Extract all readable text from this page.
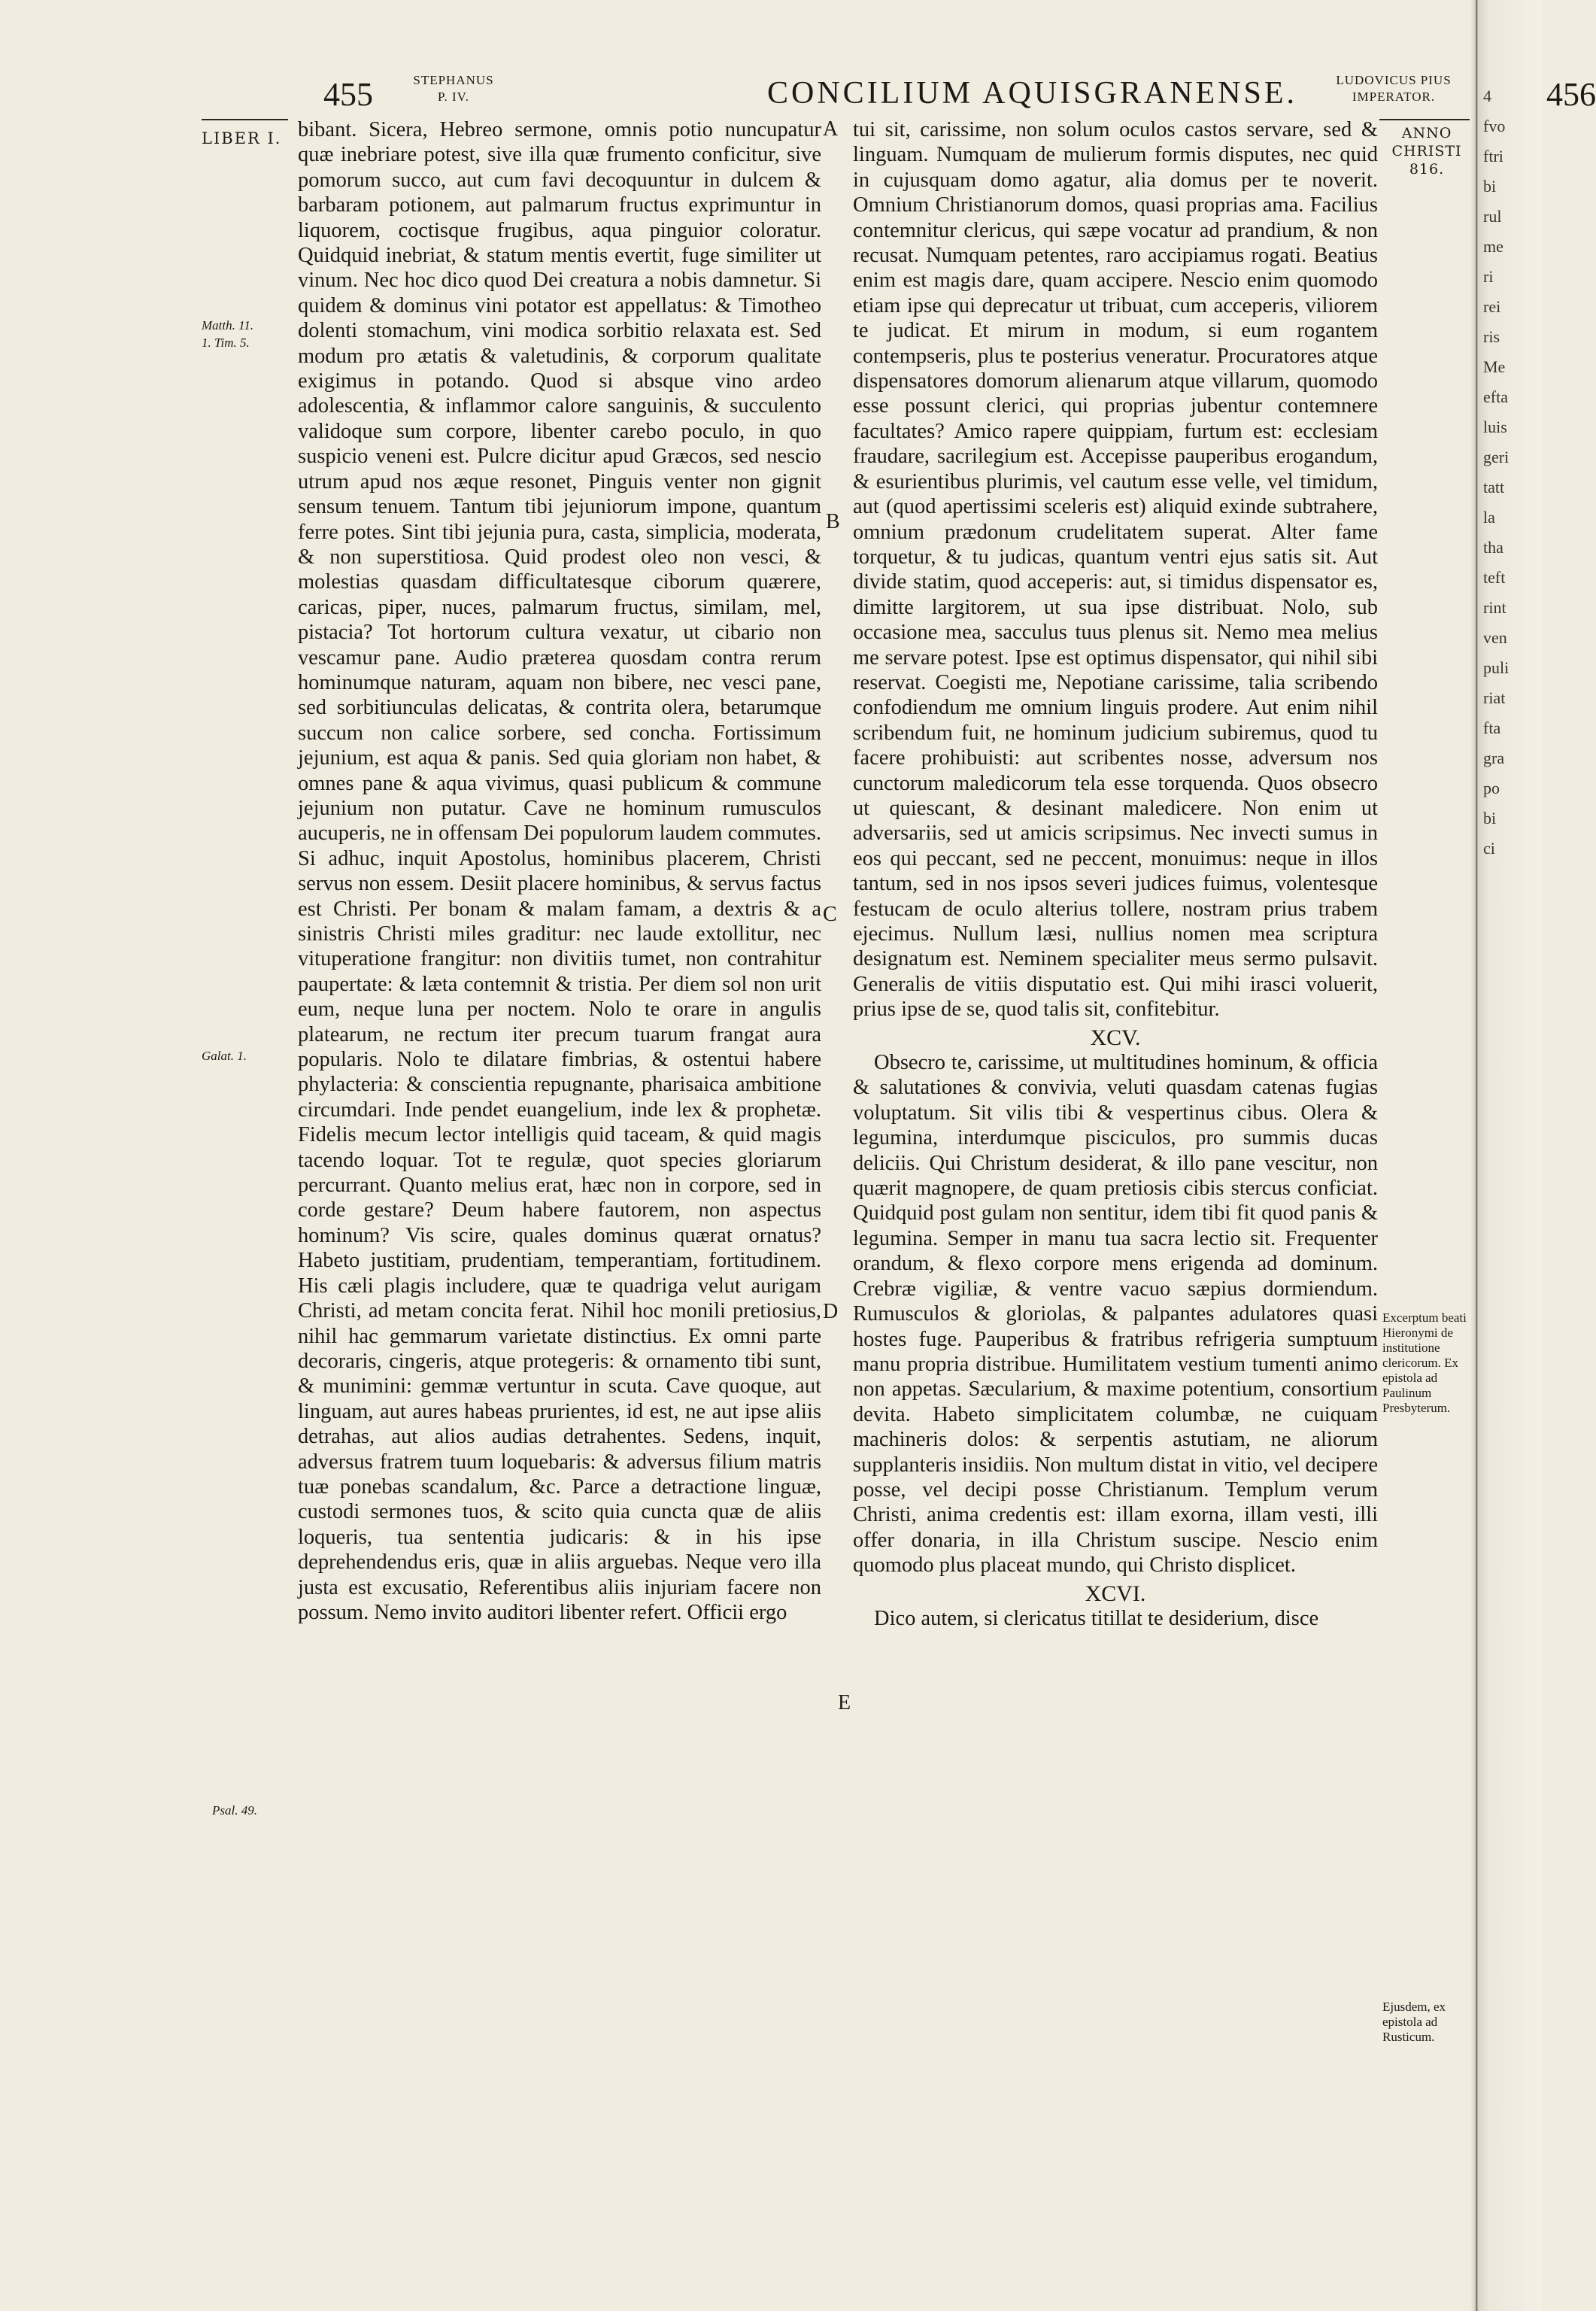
455	STEPHANUS P. IV.	CONCILIUM AQUISGRANENSE.	LUDOVICUS PIUS IMPERATOR.	456
LIBER I.	ANNO CHRISTI 816.
Matth. 11.
1. Tim. 5.
Galat. 1.
Psal. 49.
A
B
C
D
E

bibant. Sicera, Hebreo sermone, omnis potio nuncupatur quæ inebriare potest, sive illa quæ frumento conficitur, sive pomorum succo, aut cum favi decoquuntur in dulcem & barbaram potionem, aut palmarum fructus exprimuntur in liquorem, coctisque frugibus, aqua pinguior coloratur. Quidquid inebriat, & statum mentis evertit, fuge similiter ut vinum. Nec hoc dico quod Dei creatura a nobis damnetur. Si quidem & dominus vini potator est appellatus: & Timotheo dolenti stomachum, vini modica sorbitio relaxata est. Sed modum pro ætatis & valetudinis, & corporum qualitate exigimus in potando. Quod si absque vino ardeo adolescentia, & inflammor calore sanguinis, & succulento validoque sum corpore, libenter carebo poculo, in quo suspicio veneni est. Pulcre dicitur apud Græcos, sed nescio utrum apud nos æque resonet, Pinguis venter non gignit sensum tenuem. Tantum tibi jejuniorum impone, quantum ferre potes. Sint tibi jejunia pura, casta, simplicia, moderata, & non superstitiosa. Quid prodest oleo non vesci, & molestias quasdam difficultatesque ciborum quærere, caricas, piper, nuces, palmarum fructus, similam, mel, pistacia? Tot hortorum cultura vexatur, ut cibario non vescamur pane. Audio præterea quosdam contra rerum hominumque naturam, aquam non bibere, nec vesci pane, sed sorbitiunculas delicatas, & contrita olera, betarumque succum non calice sorbere, sed concha. Fortissimum jejunium, est aqua & panis. Sed quia gloriam non habet, & omnes pane & aqua vivimus, quasi publicum & commune jejunium non putatur. Cave ne hominum rumusculos aucuperis, ne in offensam Dei populorum laudem commutes. Si adhuc, inquit Apostolus, hominibus placerem, Christi servus non essem. Desiit placere hominibus, & servus factus est Christi. Per bonam & malam famam, a dextris & a sinistris Christi miles graditur: nec laude extollitur, nec vituperatione frangitur: non divitiis tumet, non contrahitur paupertate: & læta contemnit & tristia. Per diem sol non urit eum, neque luna per noctem. Nolo te orare in angulis platearum, ne rectum iter precum tuarum frangat aura popularis. Nolo te dilatare fimbrias, & ostentui habere phylacteria: & conscientia repugnante, pharisaica ambitione circumdari. Inde pendet euangelium, inde lex & prophetæ. Fidelis mecum lector intelligis quid taceam, & quid magis tacendo loquar. Tot te regulæ, quot species gloriarum percurrant. Quanto melius erat, hæc non in corpore, sed in corde gestare? Deum habere fautorem, non aspectus hominum? Vis scire, quales dominus quærat ornatus? Habeto justitiam, prudentiam, temperantiam, fortitudinem. His cæli plagis includere, quæ te quadriga velut aurigam Christi, ad metam concita ferat. Nihil hoc monili pretiosius, nihil hac gemmarum varietate distinctius. Ex omni parte decoraris, cingeris, atque protegeris: & ornamento tibi sunt, & munimini: gemmæ vertuntur in scuta. Cave quoque, aut linguam, aut aures habeas prurientes, id est, ne aut ipse aliis detrahas, aut alios audias detrahentes. Sedens, inquit, adversus fratrem tuum loquebaris: & adversus filium matris tuæ ponebas scandalum, &c. Parce a detractione linguæ, custodi sermones tuos, & scito quia cuncta quæ de aliis loqueris, tua sententia judicaris: & in his ipse deprehendendus eris, quæ in aliis arguebas. Neque vero illa justa est excusatio, Referentibus aliis injuriam facere non possum. Nemo invito auditori libenter refert. Officii ergo

tui sit, carissime, non solum oculos castos servare, sed & linguam. Numquam de mulierum formis disputes, nec quid in cujusquam domo agatur, alia domus per te noverit. Omnium Christianorum domos, quasi proprias ama. Facilius contemnitur clericus, qui sæpe vocatur ad prandium, & non recusat. Numquam petentes, raro accipiamus rogati. Beatius enim est magis dare, quam accipere. Nescio enim quomodo etiam ipse qui deprecatur ut tribuat, cum acceperis, viliorem te judicat. Et mirum in modum, si eum rogantem contempseris, plus te posterius veneratur. Procuratores atque dispensatores domorum alienarum atque villarum, quomodo esse possunt clerici, qui proprias jubentur contemnere facultates? Amico rapere quippiam, furtum est: ecclesiam fraudare, sacrilegium est. Accepisse pauperibus erogandum, & esurientibus plurimis, vel cautum esse velle, vel timidum, aut (quod apertissimi sceleris est) aliquid exinde subtrahere, omnium prædonum crudelitatem superat. Alter fame torquetur, & tu judicas, quantum ventri ejus satis sit. Aut divide statim, quod acceperis: aut, si timidus dispensator es, dimitte largitorem, ut sua ipse distribuat. Nolo, sub occasione mea, sacculus tuus plenus sit. Nemo mea melius me servare potest. Ipse est optimus dispensator, qui nihil sibi reservat. Coegisti me, Nepotiane carissime, talia scribendo confodiendum me omnium linguis prodere. Aut enim nihil scribendum fuit, ne hominum judicium subiremus, quod tu facere prohibuisti: aut scribentes nosse, adversum nos cunctorum maledicorum tela esse torquenda. Quos obsecro ut quiescant, & desinant maledicere. Non enim ut adversariis, sed ut amicis scripsimus. Nec invecti sumus in eos qui peccant, sed ne peccent, monuimus: neque in illos tantum, sed in nos ipsos severi judices fuimus, volentesque festucam de oculo alterius tollere, nostram prius trabem ejecimus. Nullum læsi, nullius nomen mea scriptura designatum est. Neminem specialiter meus sermo pulsavit. Generalis de vitiis disputatio est. Qui mihi irasci voluerit, prius ipse de se, quod talis sit, confitebitur.

XCV.

Obsecro te, carissime, ut multitudines hominum, & officia & salutationes & convivia, veluti quasdam catenas fugias voluptatum. Sit vilis tibi & vespertinus cibus. Olera & legumina, interdumque pisciculos, pro summis ducas deliciis. Qui Christum desiderat, & illo pane vescitur, non quærit magnopere, de quam pretiosis cibis stercus conficiat. Quidquid post gulam non sentitur, idem tibi fit quod panis & legumina. Semper in manu tua sacra lectio sit. Frequenter orandum, & flexo corpore mens erigenda ad dominum. Crebræ vigiliæ, & ventre vacuo sæpius dormiendum. Rumusculos & gloriolas, & palpantes adulatores quasi hostes fuge. Pauperibus & fratribus refrigeria sumptuum manu propria distribue. Humilitatem vestium tumenti animo non appetas. Sæcularium, & maxime potentium, consortium devita. Habeto simplicitatem columbæ, ne cuiquam machineris dolos: & serpentis astutiam, ne aliorum supplanteris insidiis. Non multum distat in vitio, vel decipere posse, vel decipi posse Christianum. Templum verum Christi, anima credentis est: illam exorna, illam vesti, illi offer donaria, in illa Christum suscipe. Nescio enim quomodo plus placeat mundo, qui Christo displicet.

XCVI.

Dico autem, si clericatus titillat te desiderium, disce

Excerptum beati Hieronymi de institutione clericorum. Ex epistola ad Paulinum Presbyterum.
Ejusdem, ex epistola ad Rusticum.
4
fvo
ftri
bi
rul
me
ri
rei
ris
Me
efta
luis
geri
tatt
la
tha
teft
rint
ven
puli
riat
fta
gra
po
bi
ci
